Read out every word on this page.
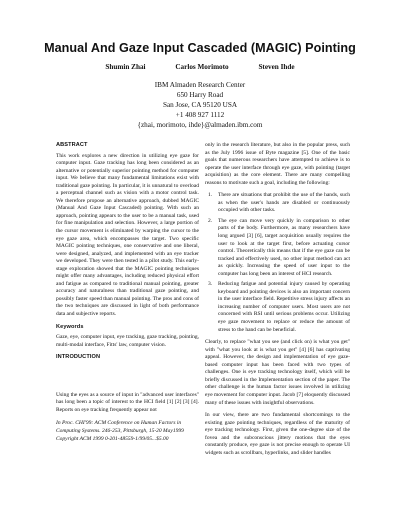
Manual And Gaze Input Cascaded (MAGIC) Pointing
Shumin Zhai	Carlos Morimoto	Steven Ihde
IBM Almaden Research Center
650 Harry Road
San Jose, CA 95120 USA
+1 408 927 1112
{zhai, morimoto, ihde}@almaden.ibm.com
ABSTRACT

This work explores a new direction in utilizing eye gaze for computer input. Gaze tracking has long been considered as an alternative or potentially superior pointing method for computer input. We believe that many fundamental limitations exist with traditional gaze pointing. In particular, it is unnatural to overload a perceptual channel such as vision with a motor control task. We therefore propose an alternative approach, dubbed MAGIC (Manual And Gaze Input Cascaded) pointing. With such an approach, pointing appears to the user to be a manual task, used for fine manipulation and selection. However, a large portion of the cursor movement is eliminated by warping the cursor to the eye gaze area, which encompasses the target. Two specific MAGIC pointing techniques, one conservative and one liberal, were designed, analyzed, and implemented with an eye tracker we developed. They were then tested in a pilot study. This early-stage exploration showed that the MAGIC pointing techniques might offer many advantages, including reduced physical effort and fatigue as compared to traditional manual pointing, greater accuracy and naturalness than traditional gaze pointing, and possibly faster speed than manual pointing. The pros and cons of the two techniques are discussed in light of both performance data and subjective reports.

Keywords

Gaze, eye, computer input, eye tracking, gaze tracking, pointing, multi-modal interface, Fitts' law, computer vision.

INTRODUCTION

Using the eyes as a source of input in "advanced user interfaces" has long been a topic of interest to the HCI field [1] [2] [3] [4]. Reports on eye tracking frequently appear not

In Proc. CHI'99: ACM Conference on Human Factors in
Computing Systems. 246-253, Pittsburgh, 15-20 May1999
Copyright ACM 1999 0-201-48559-1/99/05...$5.00

only in the research literature, but also in the popular press, such as the July 1996 issue of Byte magazine [5]. One of the basic goals that numerous researchers have attempted to achieve is to operate the user interface through eye gaze, with pointing (target acquisition) as the core element. There are many compelling reasons to motivate such a goal, including the following:

1. There are situations that prohibit the use of the hands, such as when the user's hands are disabled or continuously occupied with other tasks.
2. The eye can move very quickly in comparison to other parts of the body. Furthermore, as many researchers have long argued [3] [6], target acquisition usually requires the user to look at the target first, before actuating cursor control. Theoretically this means that if the eye gaze can be tracked and effectively used, no other input method can act as quickly. Increasing the speed of user input to the computer has long been an interest of HCI research.
3. Reducing fatigue and potential injury caused by operating keyboard and pointing devices is also an important concern in the user interface field. Repetitive stress injury affects an increasing number of computer users. Most users are not concerned with RSI until serious problems occur. Utilizing eye gaze movement to replace or reduce the amount of stress to the hand can be beneficial.

Clearly, to replace "what you see (and click on) is what you get" with "what you look at is what you get" [4] [6] has captivating appeal. However, the design and implementation of eye gaze-based computer input has been faced with two types of challenges. One is eye tracking technology itself, which will be briefly discussed in the Implementation section of the paper. The other challenge is the human factor issues involved in utilizing eye movement for computer input. Jacob [7] eloquently discussed many of these issues with insightful observations.

In our view, there are two fundamental shortcomings to the existing gaze pointing techniques, regardless of the maturity of eye tracking technology. First, given the one-degree size of the fovea and the subconscious jittery motions that the eyes constantly produce, eye gaze is not precise enough to operate UI widgets such as scrollbars, hyperlinks, and slider handles
